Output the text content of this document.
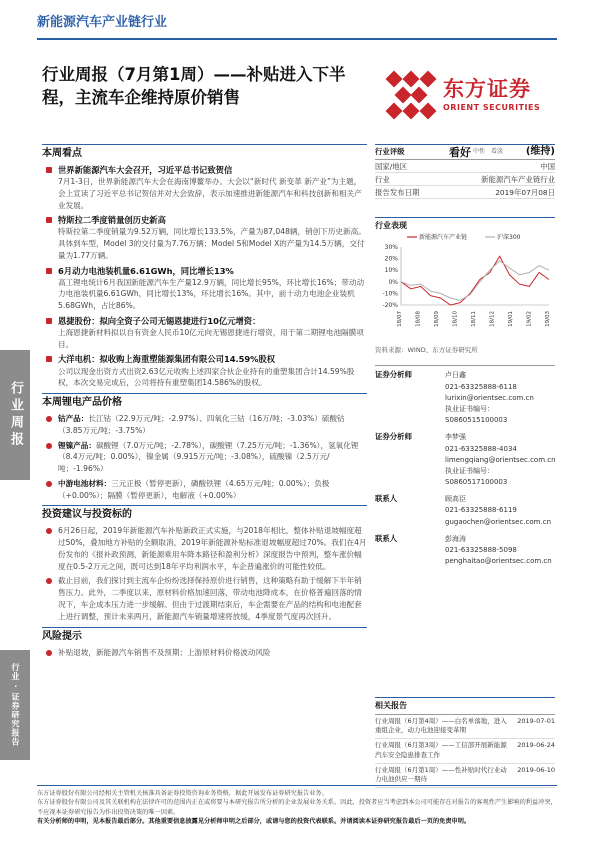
新能源汽车产业链行业
行业周报（7月第1周）——补贴进入下半程，主流车企维持原价销售	东方证券
ORIENT SECURITIES
行业周报
行业 · 证券研究报告
本周看点
世界新能源汽车大会召开，习近平总书记致贺信
7月1-3日，世界新能源汽车大会在海南博鳌举办。大会以“新时代 新变革 新产业”为主题，会上宣读了习近平总书记贺信并对大会致辞，表示加速推进新能源汽车和科技创新和相关产业发展。
特斯拉二季度销量创历史新高
特斯拉第二季度销量为9.52万辆，同比增长133.5%，产量为87,048辆，销创下历史新高。具体到车型，Model 3的交付量为7.76万辆；Model S和Model X的产量为14.5万辆，交付量为1.77万辆。
6月动力电池装机量6.61GWh，同比增长13%
高工锂电统计6月我国新能源汽车生产量12.9万辆，同比增长95%，环比增长16%；带动动力电池装机量6.61GWh，同比增长13%，环比增长16%。其中，前十动力电池企业装机5.68GWh，占比86%。
恩捷股份：拟向全资子公司无锡恩捷进行10亿元增资：
上海恩捷新材料拟以自有资金人民币10亿元向无锡恩捷进行增资，用于第二期锂电池隔膜项目。
大洋电机：拟收购上海重塑能源集团有限公司14.59%股权
公司以现金出资方式出资2.63亿元收购上述四家合伙企业持有的重塑集团合计14.59%股权，本次交易完成后，公司将持有重塑集团14.586%的股权。
本周锂电产品价格
钴产品：长江钴（22.9万元/吨；-2.97%）、四氧化三钴（16万/吨；-3.03%）硫酸钴（3.85万元/吨；-3.75%）
锂镍产品：碳酸锂（7.0万元/吨；-2.78%），碳酸锂（7.25万元/吨；-1.36%），氢氧化锂（8.4万元/吨；0.00%），镍金属（9.915万元/吨；-3.08%），硫酸镍（2.5万元/吨；-1.96%）
中游电池材料：三元正极（暂停更新），磷酸铁锂（4.65万元/吨；0.00%）；负极（+0.00%）；隔膜（暂停更新），电解液（+0.00%）
投资建议与投资标的
6月26日起，2019年新能源汽车补贴新政正式实施，与2018年相比，整体补贴退坡幅度超过50%，叠加地方补贴的全额取消，2019年新能源补贴标准退坡幅度超过70%。我们在4月份发布的《报补政预测，新能源乘用车降本路径和盈利分析》深度报告中预判，整车涨价幅度在0.5-2万元之间，既可达到18年平均利润水平，车企普遍涨价的可能性较低。
截止目前，我们探讨到主流车企纷纷选择保持原价进行销售，这种策略有助于缓解下半年销售压力。此外，二季度以来，原材料价格加速回落，带动电池降成本，在价格普遍回落的情况下，车企成本压力进一步缓解。但由于过渡期结束后，车企需要在产品的结构和电池配套上进行调整，预计未来两月，新能源汽车销量增速将放缓，4季度景气度再次回升。
风险提示
补贴退坡，新能源汽车销售不及预期；上游原材料价格波动风险
行业评级	看好 中性 看淡 (维持)
国家/地区	中国
行业	新能源汽车产业链行业
报告发布日期	2019年07月08日
行业表现
30%
20%
10%
0%
-10%
-20%
18/07 18/08 18/09 18/10 18/11 18/12 19/01 19/02 19/03
新能源汽车产业链	沪深300
资料来源：WIND、东方证券研究所
证券分析师	卢日鑫
021-63325888-6118
lurixin@orientsec.com.cn
执业证书编号：S0860515100003
证券分析师	李梦强
021-63325888-4034
limengqiang@orientsec.com.cn
执业证书编号：S0860517100003
联系人	顾高臣
021-63325888-6119
gugaochen@orientsec.com.cn
联系人	彭海涛
021-63325888-5098
penghaitao@orientsec.com.cn
相关报告
行业周报（6月第4周）——白名单落地，进入重组企业，动力电池迎接变革期
2019-07-01
行业周报（6月第3周）——工信部开展新能源汽车安全隐患排查工作
2019-06-24
行业周报（6月第1周）——性补贴时代行业动力电池供应一期待
2019-06-10
东方证券股份有限公司经相关主管机关核准具备证券投资咨询业务资格，据此开展发布证券研究报告业务。
东方证券股份有限公司及其关联机构在法律许可的范围内正在或将要与本研究报告所分析的企业发展业务关系。因此，投资者应当考虑到本公司可能存在对报告的客观性产生影响的利益冲突，不应视本证券研究报告为作出投资决策的唯一因素。
有关分析师的申明，见本报告最后部分。其他重要信息披露见分析师申明之后部分，或请与您的投资代表联系。并请阅读本证券研究报告最后一页的免责申明。
